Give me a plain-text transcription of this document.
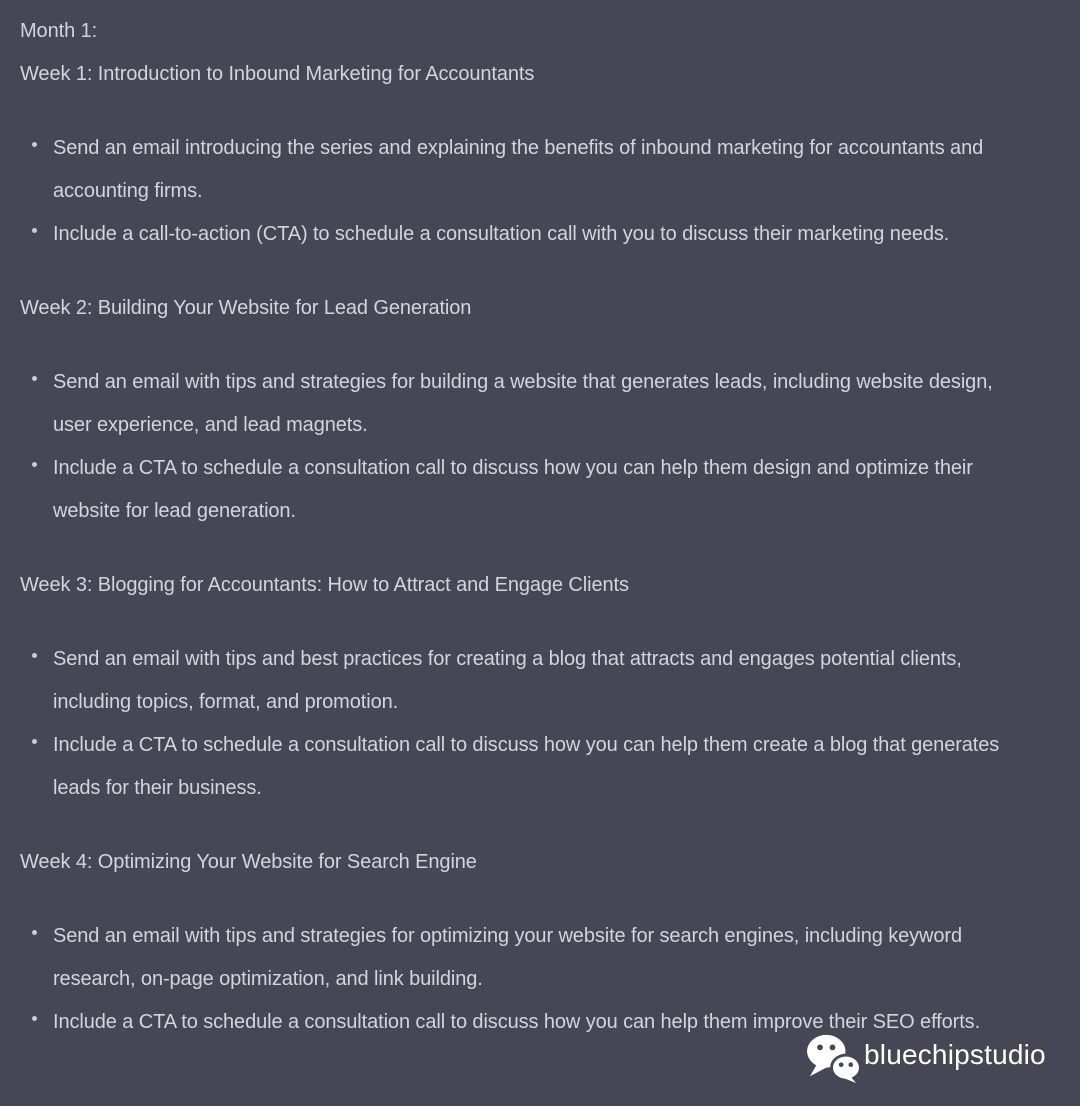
Month 1:
Week 1: Introduction to Inbound Marketing for Accountants
Send an email introducing the series and explaining the benefits of inbound marketing for accountants and accounting firms.
Include a call-to-action (CTA) to schedule a consultation call with you to discuss their marketing needs.
Week 2: Building Your Website for Lead Generation
Send an email with tips and strategies for building a website that generates leads, including website design, user experience, and lead magnets.
Include a CTA to schedule a consultation call to discuss how you can help them design and optimize their website for lead generation.
Week 3: Blogging for Accountants: How to Attract and Engage Clients
Send an email with tips and best practices for creating a blog that attracts and engages potential clients, including topics, format, and promotion.
Include a CTA to schedule a consultation call to discuss how you can help them create a blog that generates leads for their business.
Week 4: Optimizing Your Website for Search Engine
Send an email with tips and strategies for optimizing your website for search engines, including keyword research, on-page optimization, and link building.
Include a CTA to schedule a consultation call to discuss how you can help them improve their SEO efforts.
bluechipstudio
